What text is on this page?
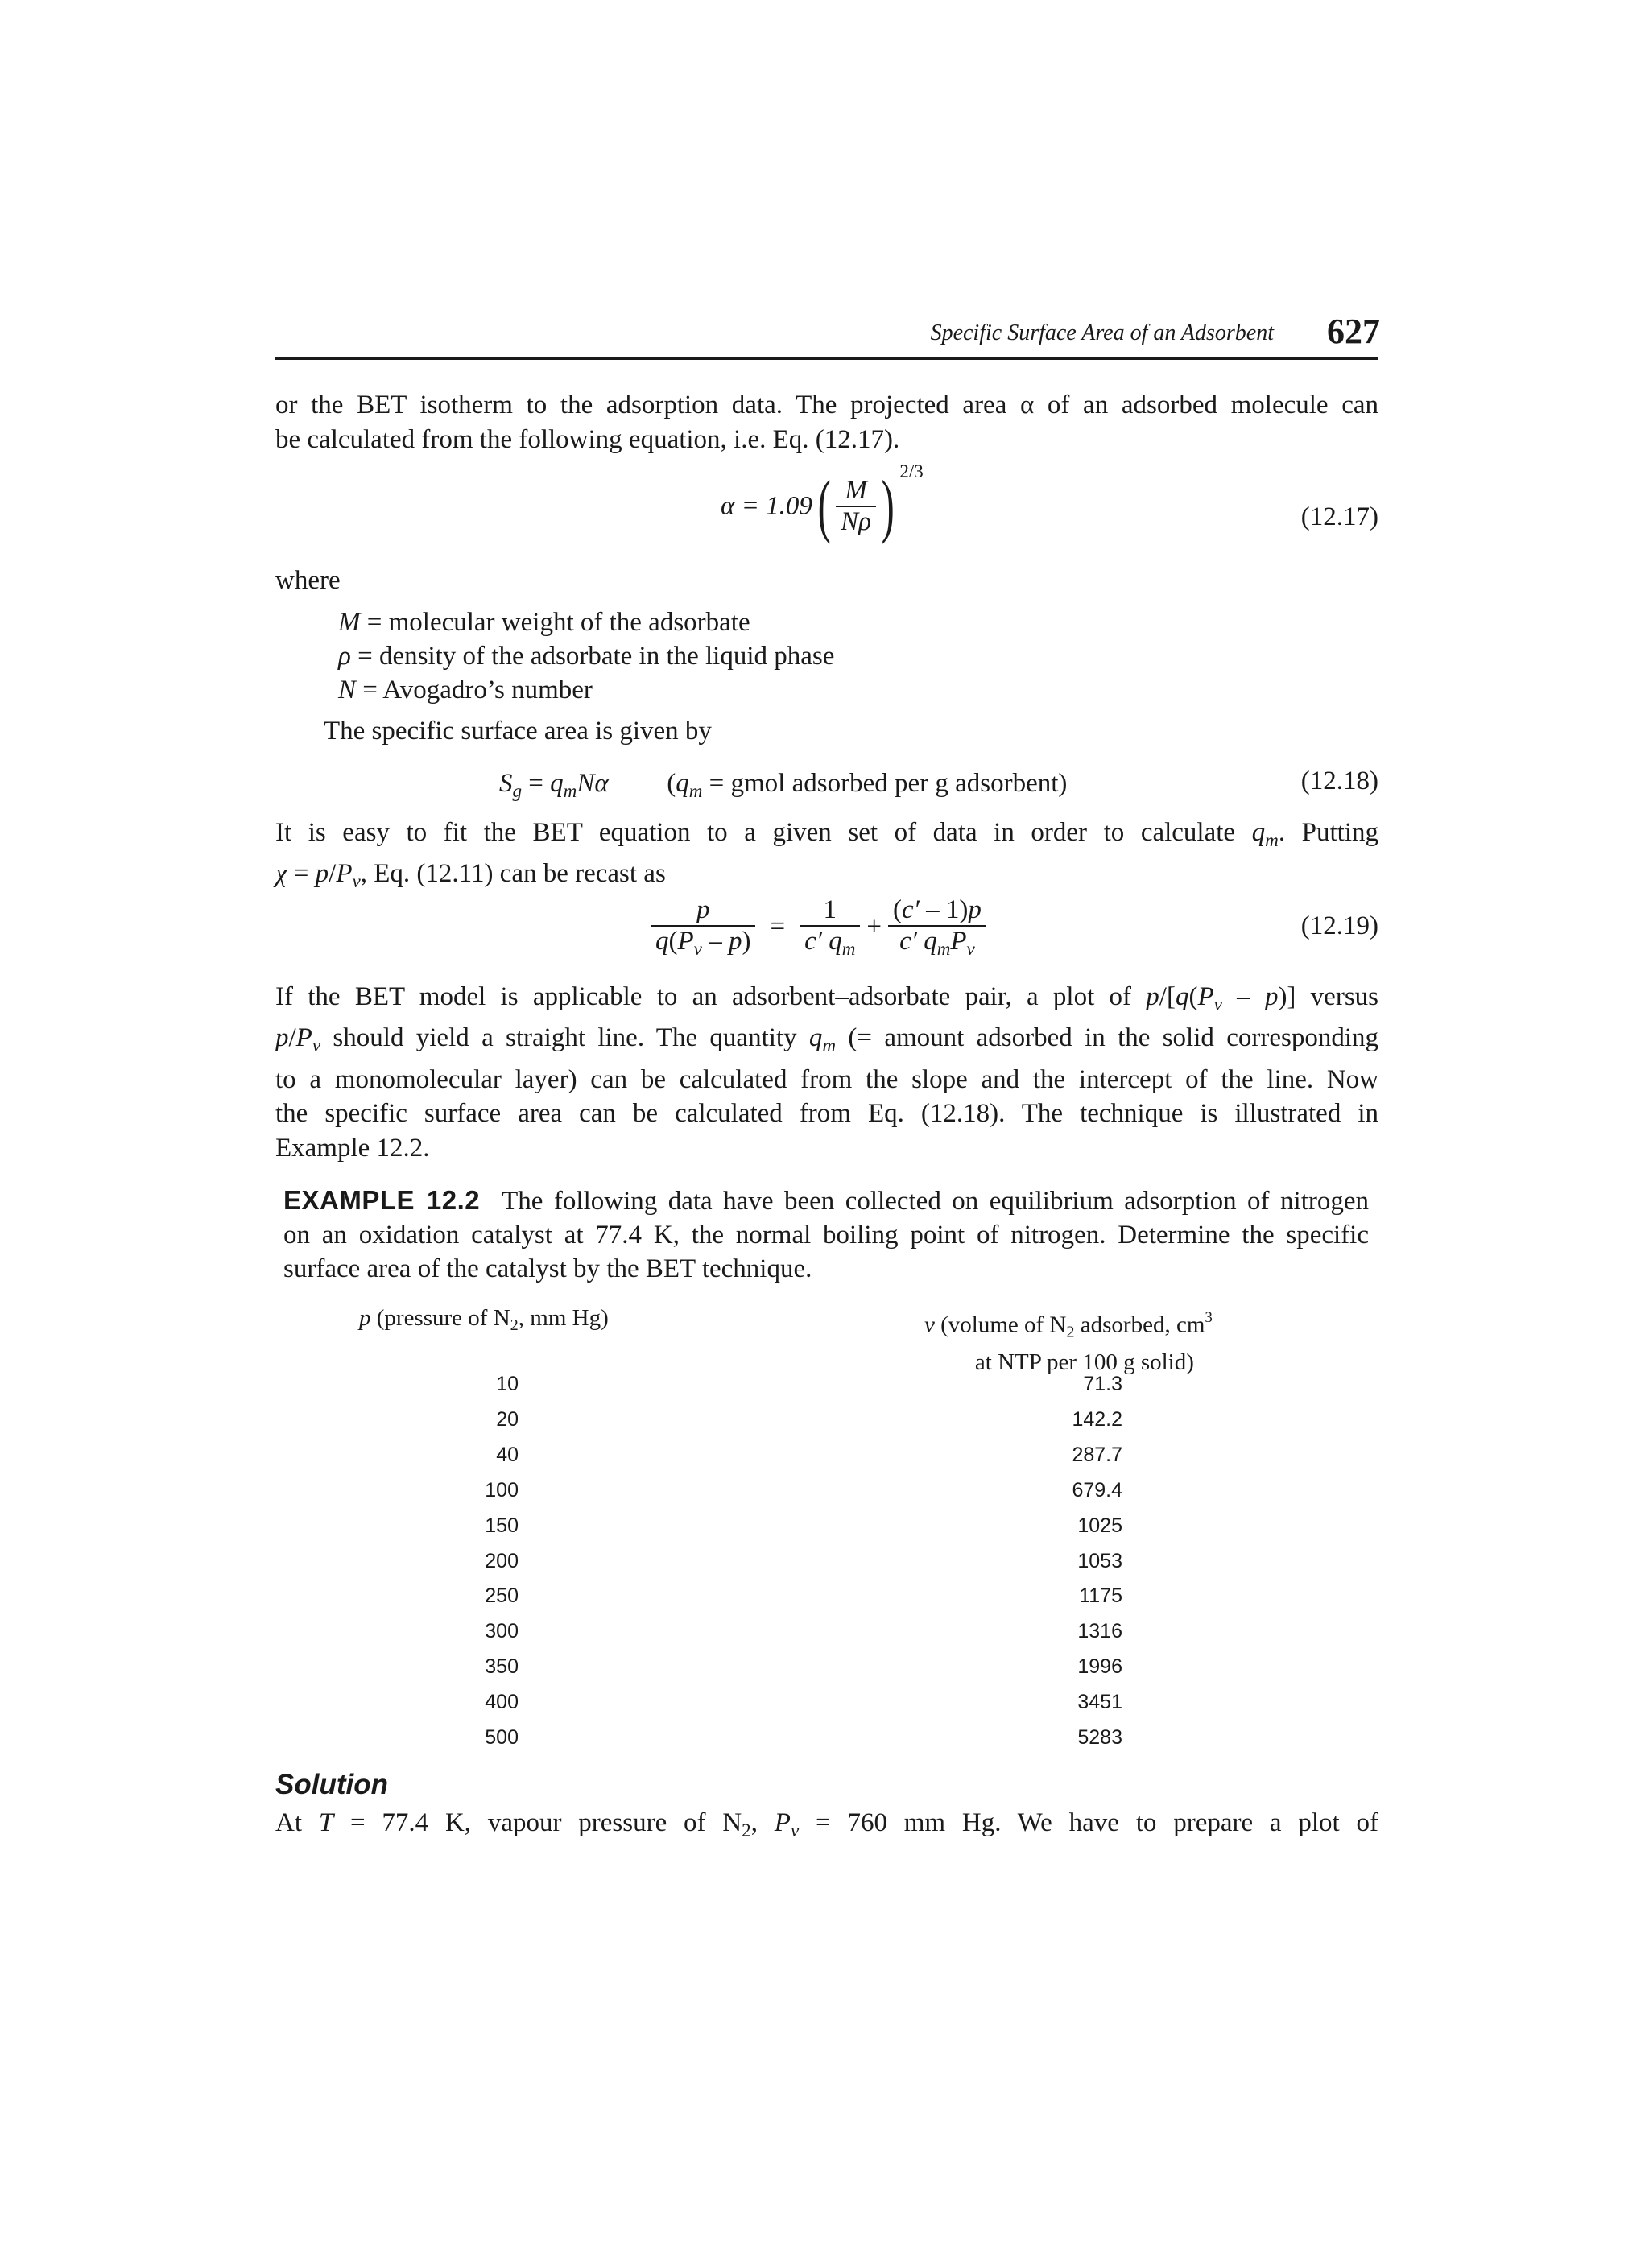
Specific Surface Area of an Adsorbent 627
or the BET isotherm to the adsorption data. The projected area α of an adsorbed molecule can
be calculated from the following equation, i.e. Eq. (12.17).
$\alpha = 1.09( \frac{M}{N\rho}$ ) $^{2/3}$
(12.17)
where
M = molecular weight of the adsorbate
ρ = density of the adsorbate in the liquid phase
N = Avogadro’s number
The specific surface area is given by
$S_g = q_mN\alpha$  ($q_m$ = gmol adsorbed per g adsorbent)	(12.18)
It is easy to fit the BET equation to a given set of data in order to calculate $q_m$. Putting
$\chi = p/P_v$, Eq. (12.11) can be recast as
$\frac{p}{q(P_v - p)} = \frac{1}{c' q_m} + \frac{(c' - 1)p}{c' q_mP_v}$	(12.19)
If the BET model is applicable to an adsorbent–adsorbate pair, a plot of $p/[q(P_v - p)]$ versus
$p/P_v$ should yield a straight line. The quantity $q_m$ (= amount adsorbed in the solid corresponding
to a monomolecular layer) can be calculated from the slope and the intercept of the line. Now
the specific surface area can be calculated from Eq. (12.18). The technique is illustrated in
Example 12.2.
EXAMPLE 12.2 The following data have been collected on equilibrium adsorption of nitrogen
on an oxidation catalyst at 77.4 K, the normal boiling point of nitrogen. Determine the specific
surface area of the catalyst by the BET technique.
p (pressure of $N_2$, mm Hg)	v (volume of $N_2$ adsorbed, $cm^3$
at NTP per 100 g solid)
10	71.3
20	142.2
40	287.7
100	679.4
150	1025
200	1053
250	1175
300	1316
350	1996
400	3451
500	5283
Solution
At T = 77.4 K, vapour pressure of $N_2$, $P_v = 760$ mm Hg. We have to prepare a plot of
